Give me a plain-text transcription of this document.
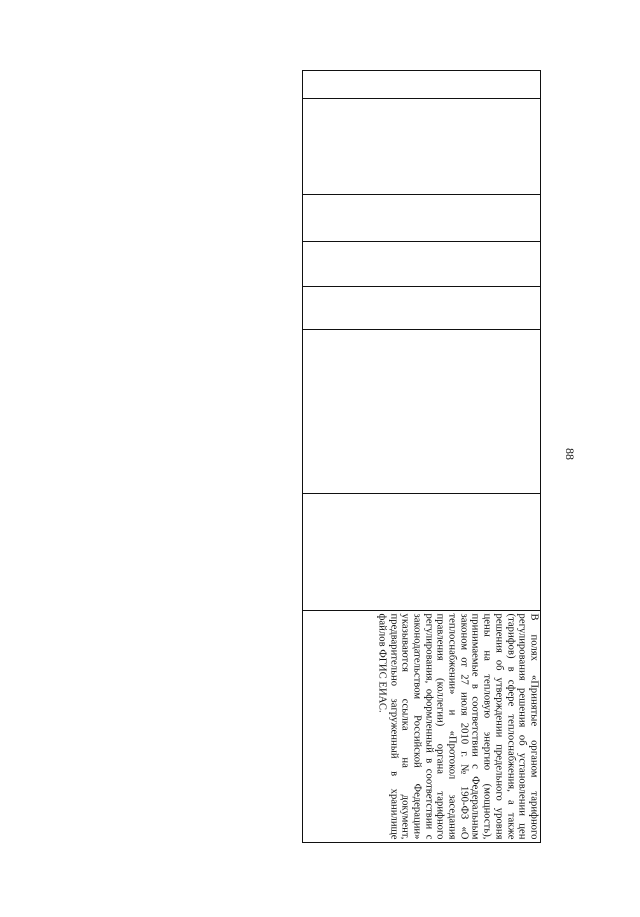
88
В полях «Принятые органом тарифного регулирования решения об установлении цен (тарифов) в сфере теплоснабжения, а также решения об утверждении предельного уровня цены на тепловую энергию (мощность), принимаемые в соответствии с Федеральным законом от 27 июля 2010 г. № 190-ФЗ «О теплоснабжении» и «Протокол заседания правления (коллегии) органа тарифного регулирования, оформленный в соответствии с законодательством Российской Федерации» указываются ссылка на документ, предварительно загруженный в хранилище файлов ФГИС ЕИАС.
